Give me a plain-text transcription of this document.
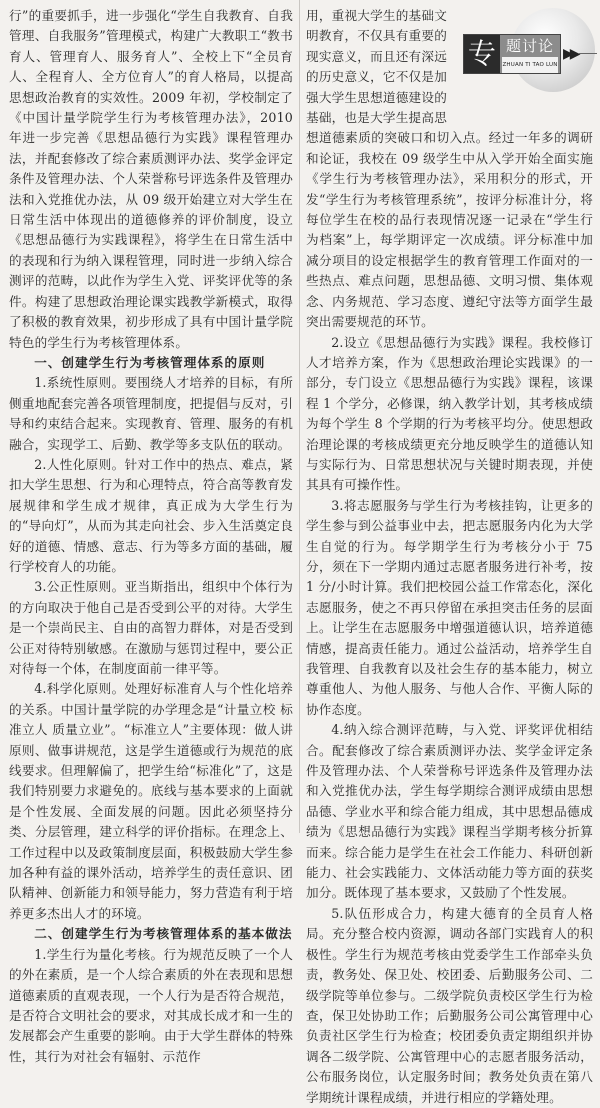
行”的重要抓手，进一步强化“学生自我教育、自我管理、自我服务”管理模式，构建广大教职工“教书育人、管理育人、服务育人”、全校上下“全员育人、全程育人、全方位育人”的育人格局，以提高思想政治教育的实效性。2009 年初，学校制定了《中国计量学院学生行为考核管理办法》，2010 年进一步完善《思想品德行为实践》课程管理办法，并配套修改了综合素质测评办法、奖学金评定条件及管理办法、个人荣誉称号评选条件及管理办法和入党推优办法，从 09 级开始建立对大学生在日常生活中体现出的道德修养的评价制度，设立《思想品德行为实践课程》，将学生在日常生活中的表现和行为纳入课程管理，同时进一步纳入综合测评的范畴，以此作为学生入党、评奖评优等的条件。构建了思想政治理论课实践教学新模式，取得了积极的教育效果，初步形成了具有中国计量学院特色的学生行为考核管理体系。

一、创建学生行为考核管理体系的原则

1.系统性原则。要围绕人才培养的目标，有所侧重地配套完善各项管理制度，把提倡与反对，引导和约束结合起来。实现教育、管理、服务的有机融合，实现学工、后勤、教学等多支队伍的联动。

2.人性化原则。针对工作中的热点、难点，紧扣大学生思想、行为和心理特点，符合高等教育发展规律和学生成才规律，真正成为大学生行为的“导向灯”，从而为其走向社会、步入生活奠定良好的道德、情感、意志、行为等多方面的基础，履行学校育人的功能。

3.公正性原则。亚当斯指出，组织中个体行为的方向取决于他自己是否受到公平的对待。大学生是一个崇尚民主、自由的高智力群体，对是否受到公正对待特别敏感。在激励与惩罚过程中，要公正对待每一个体，在制度面前一律平等。

4.科学化原则。处理好标准育人与个性化培养的关系。中国计量学院的办学理念是“计量立校 标准立人 质量立业”。“标准立人”主要体现：做人讲原则、做事讲规范，这是学生道德或行为规范的底线要求。但理解偏了，把学生给“标准化”了，这是我们特别要力求避免的。底线与基本要求的上面就是个性发展、全面发展的问题。因此必须坚持分类、分层管理，建立科学的评价指标。在理念上、工作过程中以及政策制度层面，积极鼓励大学生参加各种有益的课外活动，培养学生的责任意识、团队精神、创新能力和领导能力，努力营造有利于培养更多杰出人才的环境。

二、创建学生行为考核管理体系的基本做法

1.学生行为量化考核。行为规范反映了一个人的外在素质，是一个人综合素质的外在表现和思想道德素质的直观表现，一个人行为是否符合规范，是否符合文明社会的要求，对其成长成才和一生的发展都会产生重要的影响。由于大学生群体的特殊性，其行为对社会有辐射、示范作

专 题讨论
ZHUAN TI TAO LUN
▶▶

用，重视大学生的基础文明教育，不仅具有重要的现实意义，而且还有深远的历史意义，它不仅是加强大学生思想道德建设的基础，也是大学生提高思想道德素质的突破口和切入点。经过一年多的调研和论证，我校在 09 级学生中从入学开始全面实施《学生行为考核管理办法》，采用积分的形式，开发“学生行为考核管理系统”，按评分标准计分，将每位学生在校的品行表现情况逐一记录在“学生行为档案”上，每学期评定一次成绩。评分标准中加减分项目的设定根据学生的教育管理工作面对的一些热点、难点问题，思想品德、文明习惯、集体观念、内务规范、学习态度、遵纪守法等方面学生最突出需要规范的环节。

2.设立《思想品德行为实践》课程。我校修订人才培养方案，作为《思想政治理论实践课》的一部分，专门设立《思想品德行为实践》课程，该课程 1 个学分，必修课，纳入教学计划，其考核成绩为每个学生 8 个学期的行为考核平均分。使思想政治理论课的考核成绩更充分地反映学生的道德认知与实际行为、日常思想状况与关键时期表现，并使其具有可操作性。

3.将志愿服务与学生行为考核挂钩，让更多的学生参与到公益事业中去，把志愿服务内化为大学生自觉的行为。每学期学生行为考核分小于 75 分，须在下一学期内通过志愿者服务进行补考，按 1 分/小时计算。我们把校园公益工作常态化，深化志愿服务，使之不再只停留在承担突击任务的层面上。让学生在志愿服务中增强道德认识，培养道德情感，提高责任能力。通过公益活动，培养学生自我管理、自我教育以及社会生存的基本能力，树立尊重他人、为他人服务、与他人合作、平衡人际的协作态度。

4.纳入综合测评范畴，与入党、评奖评优相结合。配套修改了综合素质测评办法、奖学金评定条件及管理办法、个人荣誉称号评选条件及管理办法和入党推优办法，学生每学期综合测评成绩由思想品德、学业水平和综合能力组成，其中思想品德成绩为《思想品德行为实践》课程当学期考核分折算而来。综合能力是学生在社会工作能力、科研创新能力、社会实践能力、文体活动能力等方面的获奖加分。既体现了基本要求，又鼓励了个性发展。

5.队伍形成合力，构建大德育的全员育人格局。充分整合校内资源，调动各部门实践育人的积极性。学生行为规范考核由党委学生工作部牵头负责，教务处、保卫处、校团委、后勤服务公司、二级学院等单位参与。二级学院负责校区学生行为检查，保卫处协助工作；后勤服务公司公寓管理中心负责社区学生行为检查；校团委负责定期组织并协调各二级学院、公寓管理中心的志愿者服务活动，公布服务岗位，认定服务时间；教务处负责在第八学期统计课程成绩，并进行相应的学籍处理。
